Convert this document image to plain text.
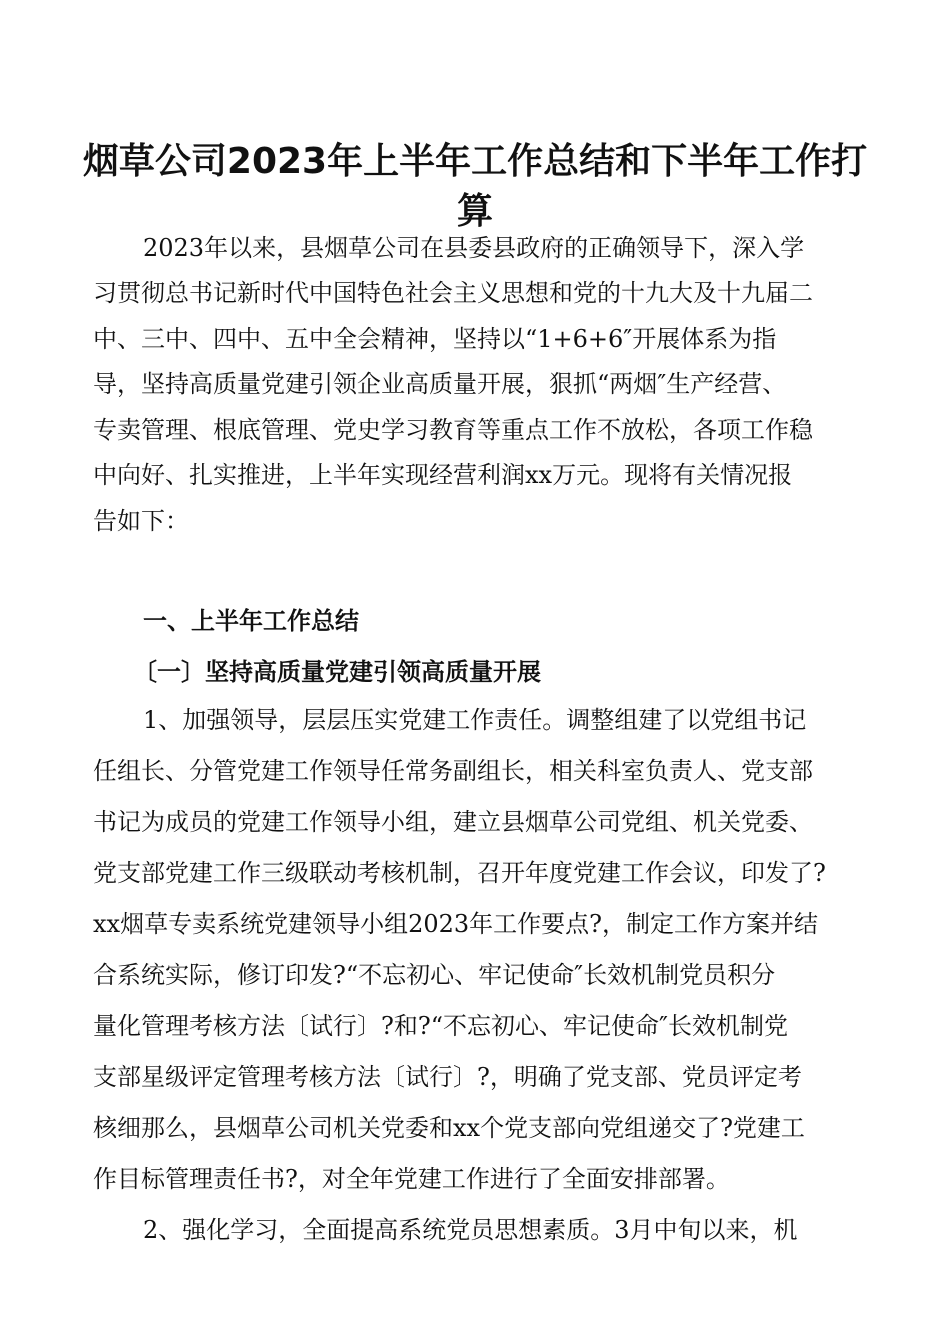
烟草公司2023年上半年工作总结和下半年工作打
算

2023年以来，县烟草公司在县委县政府的正确领导下，深入学

习贯彻总书记新时代中国特色社会主义思想和党的十九大及十九届二

中、三中、四中、五中全会精神，坚持以“1+6+6″开展体系为指

导，坚持高质量党建引领企业高质量开展，狠抓“两烟″生产经营、

专卖管理、根底管理、党史学习教育等重点工作不放松，各项工作稳

中向好、扎实推进，上半年实现经营利润xx万元。现将有关情况报

告如下：

一、上半年工作总结
〔一〕坚持高质量党建引领高质量开展

1、加强领导，层层压实党建工作责任。调整组建了以党组书记

任组长、分管党建工作领导任常务副组长，相关科室负责人、党支部

书记为成员的党建工作领导小组，建立县烟草公司党组、机关党委、

党支部党建工作三级联动考核机制，召开年度党建工作会议，印发了?

xx烟草专卖系统党建领导小组2023年工作要点?，制定工作方案并结

合系统实际，修订印发?“不忘初心、牢记使命″长效机制党员积分

量化管理考核方法〔试行〕?和?“不忘初心、牢记使命″长效机制党

支部星级评定管理考核方法〔试行〕?，明确了党支部、党员评定考

核细那么，县烟草公司机关党委和xx个党支部向党组递交了?党建工

作目标管理责任书?，对全年党建工作进行了全面安排部署。

2、强化学习，全面提高系统党员思想素质。3月中旬以来，机
